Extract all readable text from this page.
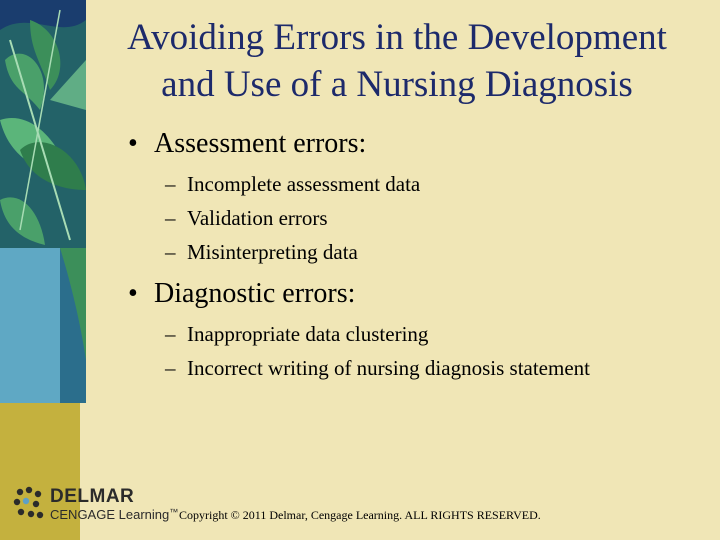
Avoiding Errors in the Development
and Use of a Nursing Diagnosis
• Assessment errors:
– Incomplete assessment data
– Validation errors
– Misinterpreting data
• Diagnostic errors:
– Inappropriate data clustering
– Incorrect writing of nursing diagnosis statement
DELMAR
CENGAGE Learning™ Copyright © 2011 Delmar, Cengage Learning. ALL RIGHTS RESERVED.
